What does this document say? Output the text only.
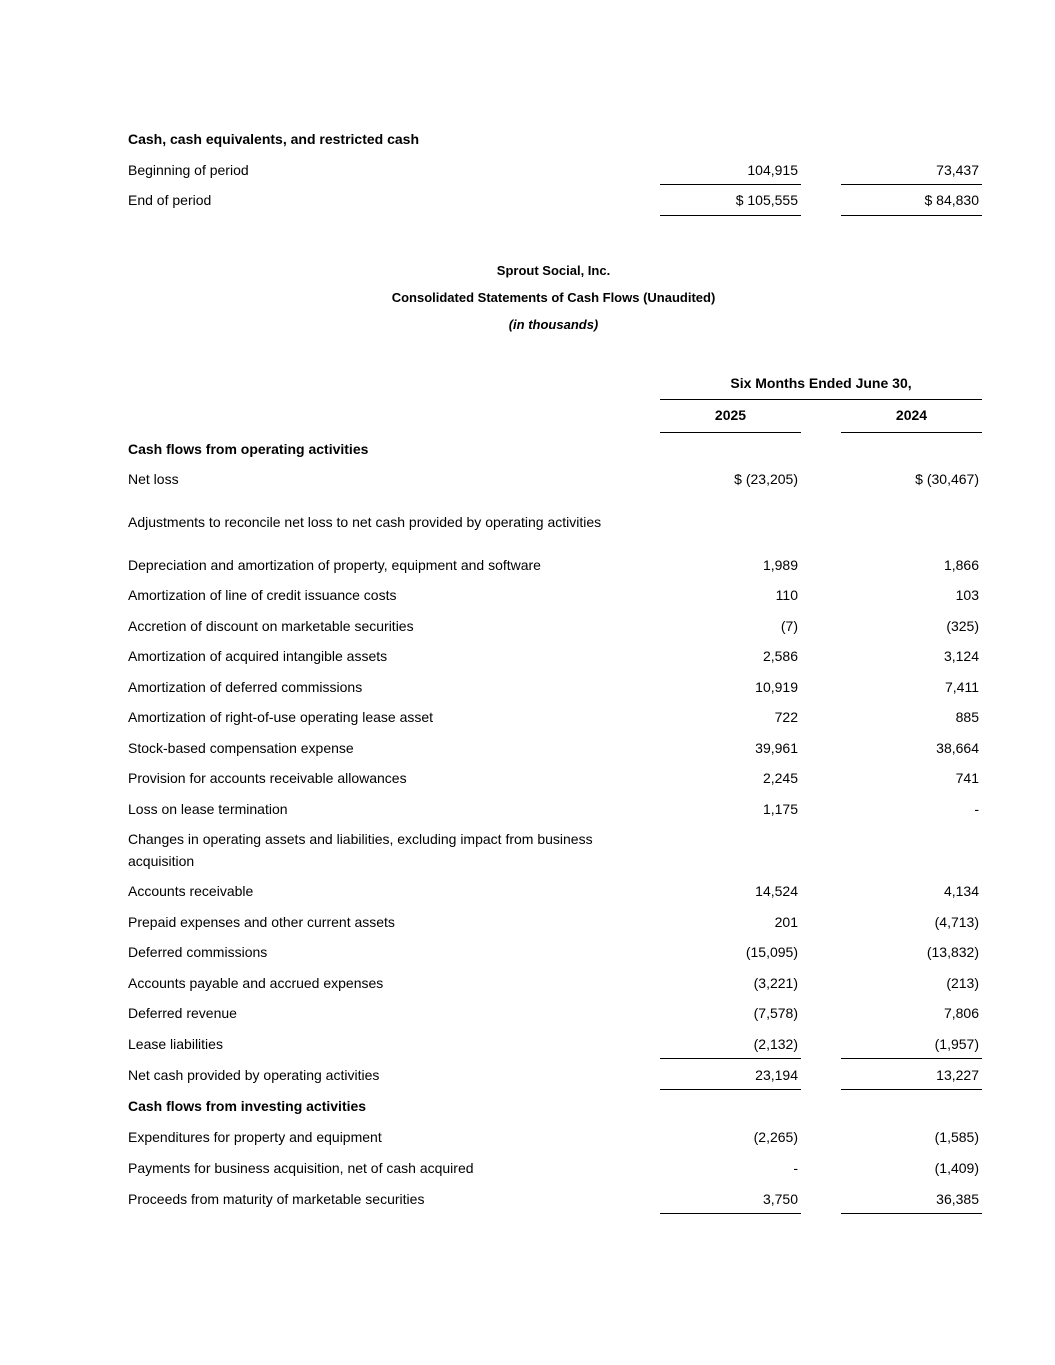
Cash, cash equivalents, and restricted cash
Beginning of period	104,915	73,437
End of period	$ 105,555	$ 84,830
Sprout Social, Inc.
Consolidated Statements of Cash Flows (Unaudited)
(in thousands)
Six Months Ended June 30,
2025	2024
Cash flows from operating activities
Net loss	$ (23,205)	$ (30,467)
Adjustments to reconcile net loss to net cash provided by operating activities
Depreciation and amortization of property, equipment and software	1,989	1,866
Amortization of line of credit issuance costs	110	103
Accretion of discount on marketable securities	(7)	(325)
Amortization of acquired intangible assets	2,586	3,124
Amortization of deferred commissions	10,919	7,411
Amortization of right-of-use operating lease asset	722	885
Stock-based compensation expense	39,961	38,664
Provision for accounts receivable allowances	2,245	741
Loss on lease termination	1,175	-
Changes in operating assets and liabilities, excluding impact from business
acquisition
Accounts receivable	14,524	4,134
Prepaid expenses and other current assets	201	(4,713)
Deferred commissions	(15,095)	(13,832)
Accounts payable and accrued expenses	(3,221)	(213)
Deferred revenue	(7,578)	7,806
Lease liabilities	(2,132)	(1,957)
Net cash provided by operating activities	23,194	13,227
Cash flows from investing activities
Expenditures for property and equipment	(2,265)	(1,585)
Payments for business acquisition, net of cash acquired	-	(1,409)
Proceeds from maturity of marketable securities	3,750	36,385
